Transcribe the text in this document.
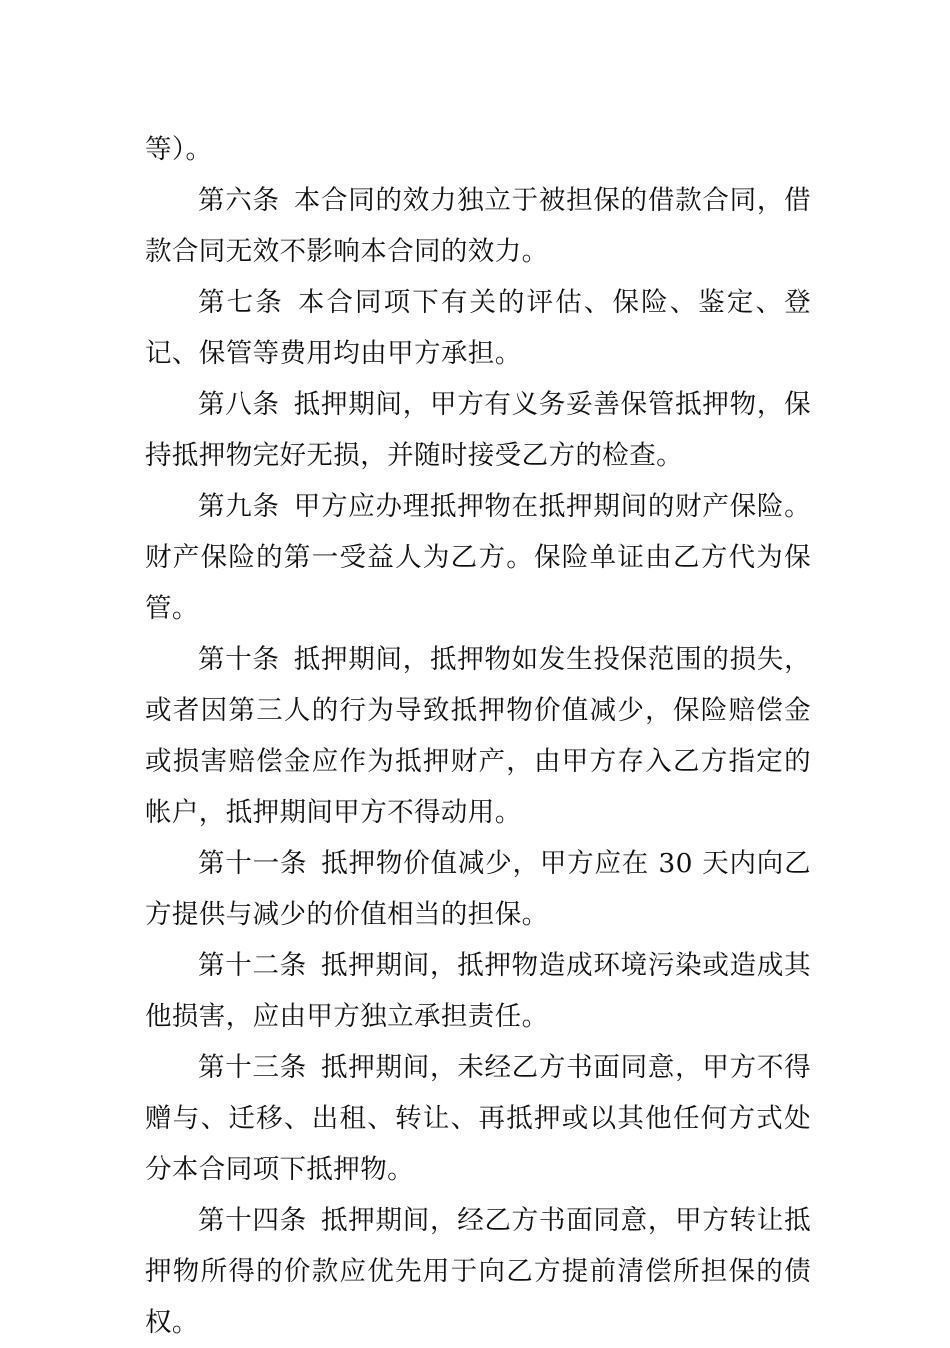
等）。

第六条 本合同的效力独立于被担保的借款合同，借款合同无效不影响本合同的效力。

第七条 本合同项下有关的评估、保险、鉴定、登记、保管等费用均由甲方承担。

第八条 抵押期间，甲方有义务妥善保管抵押物，保持抵押物完好无损，并随时接受乙方的检查。

第九条 甲方应办理抵押物在抵押期间的财产保险。财产保险的第一受益人为乙方。保险单证由乙方代为保管。

第十条 抵押期间，抵押物如发生投保范围的损失，或者因第三人的行为导致抵押物价值减少，保险赔偿金或损害赔偿金应作为抵押财产，由甲方存入乙方指定的帐户，抵押期间甲方不得动用。

第十一条 抵押物价值减少，甲方应在 30 天内向乙方提供与减少的价值相当的担保。

第十二条 抵押期间，抵押物造成环境污染或造成其他损害，应由甲方独立承担责任。

第十三条 抵押期间，未经乙方书面同意，甲方不得赠与、迁移、出租、转让、再抵押或以其他任何方式处分本合同项下抵押物。

第十四条 抵押期间，经乙方书面同意，甲方转让抵押物所得的价款应优先用于向乙方提前清偿所担保的债权。
